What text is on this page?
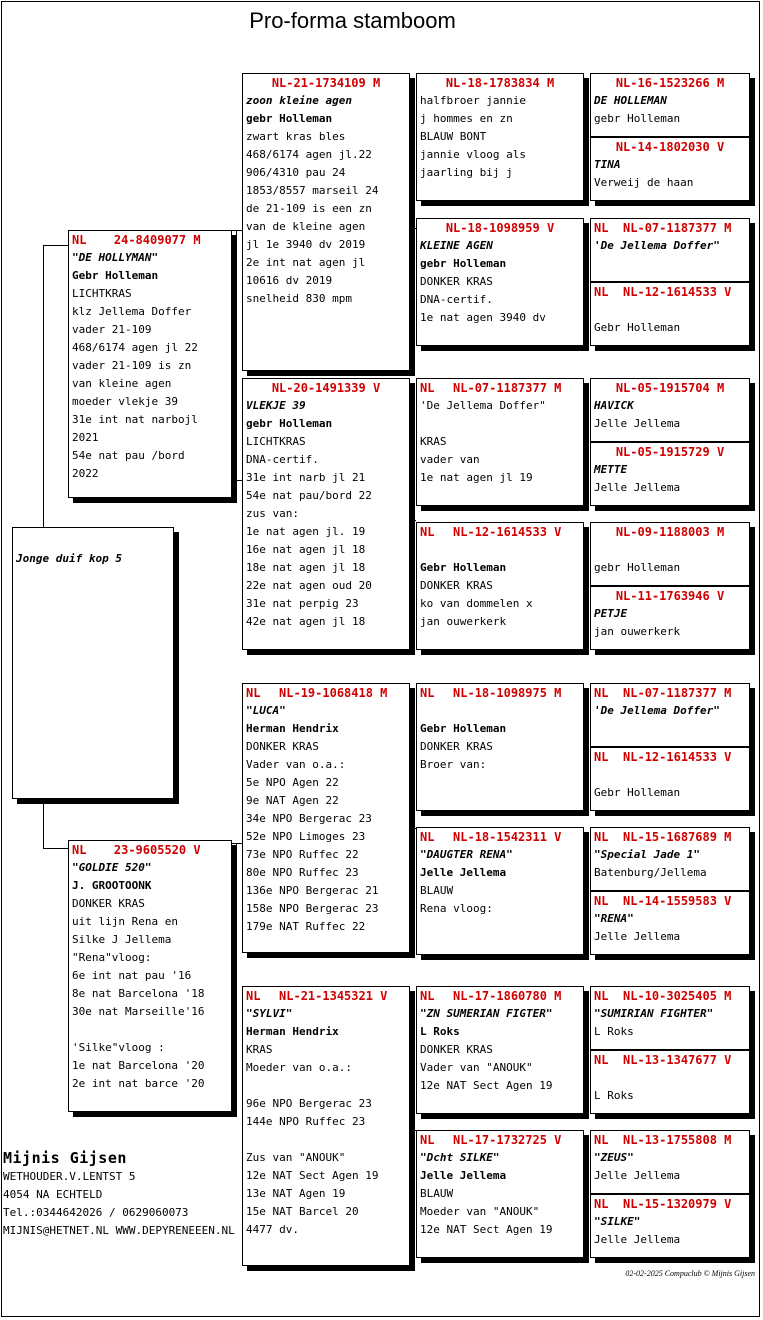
Pro-forma stamboom
NL	24-8409077 M
"DE HOLLYMAN"
Gebr Holleman
LICHTKRAS
klz Jellema Doffer
vader 21-109
468/6174 agen jl 22
vader 21-109 is zn
van kleine agen
moeder vlekje 39
31e int nat narbojl
2021
54e nat pau /bord
2022
NL	23-9605520 V
"GOLDIE 520"
J. GROOTOONK
DONKER KRAS
uit lijn Rena en
Silke J Jellema
"Rena"vloog:
6e int nat pau '16
8e nat Barcelona '18
30e nat Marseille'16

'Silke"vloog :
1e nat Barcelona '20
2e int nat barce '20
NL-21-1734109 M
zoon kleine agen
gebr Holleman
zwart kras bles
468/6174 agen jl.22
906/4310 pau 24
1853/8557 marseil 24
de 21-109 is een zn
van de kleine agen
jl 1e 3940 dv 2019
2e int nat agen jl
10616 dv 2019
snelheid 830 mpm
NL-20-1491339 V
VLEKJE 39
gebr Holleman
LICHTKRAS
DNA-certif.
31e int narb jl 21
54e nat pau/bord 22
zus van:
1e nat agen jl. 19
16e nat agen jl 18
18e nat agen jl 18
22e nat agen oud 20
31e nat perpig 23
42e nat agen jl 18
NL	NL-19-1068418 M
"LUCA"
Herman Hendrix
DONKER KRAS
Vader van o.a.:
5e NPO Agen 22
9e NAT Agen 22
34e NPO Bergerac 23
52e NPO Limoges 23
73e NPO Ruffec 22
80e NPO Ruffec 23
136e NPO Bergerac 21
158e NPO Bergerac 23
179e NAT Ruffec 22
NL	NL-21-1345321 V
"SYLVI"
Herman Hendrix
KRAS
Moeder van o.a.:

96e NPO Bergerac 23
144e NPO Ruffec 23

Zus van "ANOUK"
12e NAT Sect Agen 19
13e NAT Agen 19
15e NAT Barcel 20
4477 dv.
NL-18-1783834 M
halfbroer jannie
j hommes en zn
BLAUW BONT
jannie vloog als
jaarling bij j
NL-18-1098959 V
KLEINE AGEN
gebr Holleman
DONKER KRAS
DNA-certif.
1e nat agen 3940 dv
NL	NL-07-1187377 M
'De Jellema Doffer"

KRAS
vader van
1e nat agen jl 19
NL	NL-12-1614533 V

Gebr Holleman
DONKER KRAS
ko van dommelen x
jan ouwerkerk
NL	NL-18-1098975 M

Gebr Holleman
DONKER KRAS
Broer van:
NL	NL-18-1542311 V
"DAUGTER RENA"
Jelle Jellema
BLAUW
Rena vloog:
NL	NL-17-1860780 M
"ZN SUMERIAN FIGTER"
L Roks
DONKER KRAS
Vader van "ANOUK"
12e NAT Sect Agen 19
NL	NL-17-1732725 V
"Dcht SILKE"
Jelle Jellema
BLAUW
Moeder van "ANOUK"
12e NAT Sect Agen 19
NL-16-1523266 M
DE HOLLEMAN
gebr Holleman
NL-14-1802030 V
TINA
Verweij de haan
NL	NL-07-1187377 M
'De Jellema Doffer"
NL	NL-12-1614533 V

Gebr Holleman
NL-05-1915704 M
HAVICK
Jelle Jellema
NL-05-1915729 V
METTE
Jelle Jellema
NL-09-1188003 M

gebr Holleman
NL-11-1763946 V
PETJE
jan ouwerkerk
NL	NL-07-1187377 M
'De Jellema Doffer"
NL	NL-12-1614533 V

Gebr Holleman
NL	NL-15-1687689 M
"Special Jade 1"
Batenburg/Jellema
NL	NL-14-1559583 V
"RENA"
Jelle Jellema
NL	NL-10-3025405 M
"SUMIRIAN FIGHTER"
L Roks
NL	NL-13-1347677 V

L Roks
NL	NL-13-1755808 M
"ZEUS"
Jelle Jellema
NL	NL-15-1320979 V
"SILKE"
Jelle Jellema
Mijnis Gijsen
WETHOUDER.V.LENTST 5
4054 NA ECHTELD
Tel.:0344642026 / 0629060073
MIJNIS@HETNET.NL WWW.DEPYRENEEEN.NL
02-02-2025 Compuclub © Mijnis Gijsen
Jonge duif kop 5
